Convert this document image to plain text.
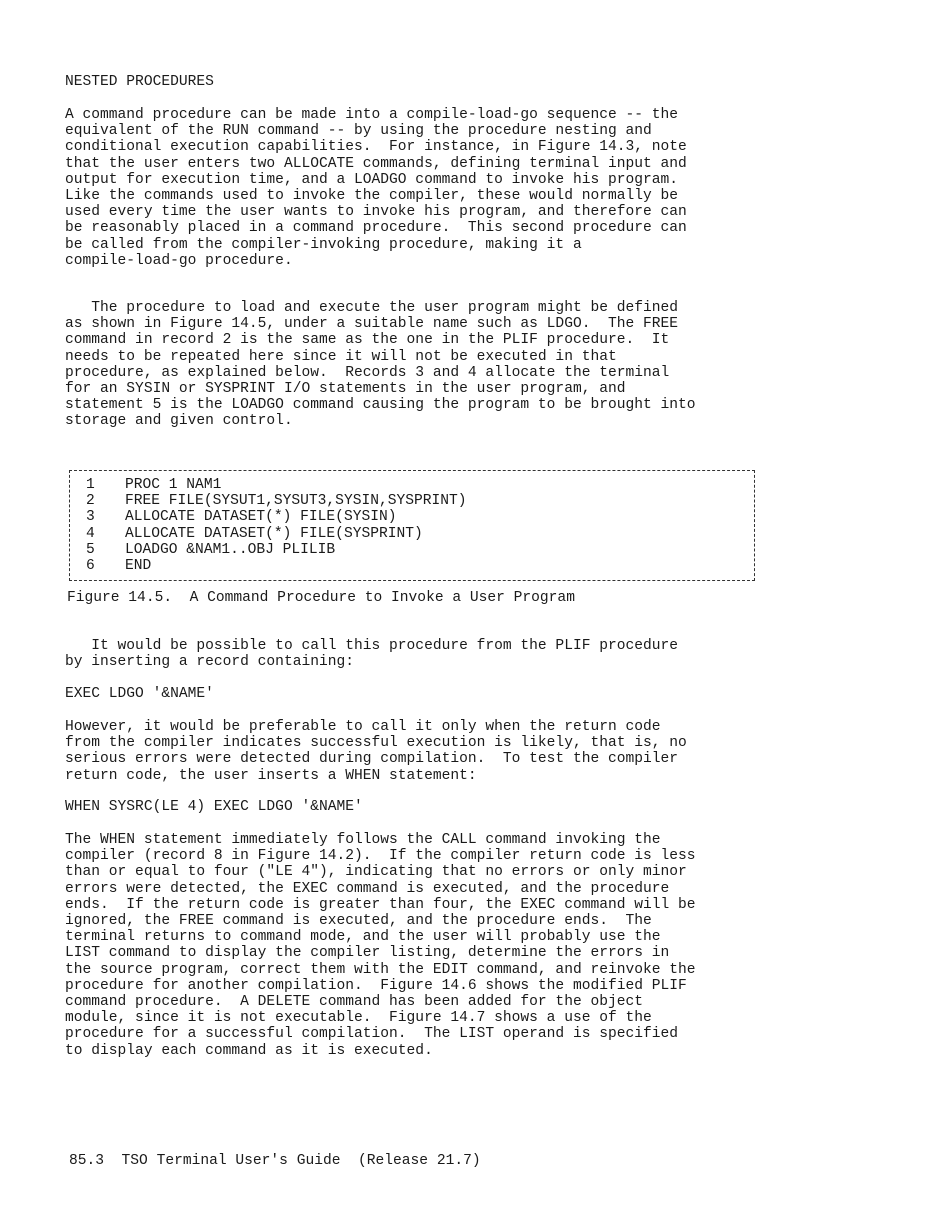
NESTED PROCEDURES
A command procedure can be made into a compile-load-go sequence -- the
equivalent of the RUN command -- by using the procedure nesting and
conditional execution capabilities.  For instance, in Figure 14.3, note
that the user enters two ALLOCATE commands, defining terminal input and
output for execution time, and a LOADGO command to invoke his program.
Like the commands used to invoke the compiler, these would normally be
used every time the user wants to invoke his program, and therefore can
be reasonably placed in a command procedure.  This second procedure can
be called from the compiler-invoking procedure, making it a
compile-load-go procedure.
The procedure to load and execute the user program might be defined
as shown in Figure 14.5, under a suitable name such as LDGO.  The FREE
command in record 2 is the same as the one in the PLIF procedure.  It
needs to be repeated here since it will not be executed in that
procedure, as explained below.  Records 3 and 4 allocate the terminal
for an SYSIN or SYSPRINT I/O statements in the user program, and
statement 5 is the LOADGO command causing the program to be brought into
storage and given control.
1 PROC 1 NAM1
2 FREE FILE(SYSUT1,SYSUT3,SYSIN,SYSPRINT)
3 ALLOCATE DATASET(*) FILE(SYSIN)
4 ALLOCATE DATASET(*) FILE(SYSPRINT)
5 LOADGO &NAM1..OBJ PLILIB
6 END
Figure 14.5.  A Command Procedure to Invoke a User Program
It would be possible to call this procedure from the PLIF procedure
by inserting a record containing:
EXEC LDGO '&NAME'
However, it would be preferable to call it only when the return code
from the compiler indicates successful execution is likely, that is, no
serious errors were detected during compilation.  To test the compiler
return code, the user inserts a WHEN statement:
WHEN SYSRC(LE 4) EXEC LDGO '&NAME'
The WHEN statement immediately follows the CALL command invoking the
compiler (record 8 in Figure 14.2).  If the compiler return code is less
than or equal to four ("LE 4"), indicating that no errors or only minor
errors were detected, the EXEC command is executed, and the procedure
ends.  If the return code is greater than four, the EXEC command will be
ignored, the FREE command is executed, and the procedure ends.  The
terminal returns to command mode, and the user will probably use the
LIST command to display the compiler listing, determine the errors in
the source program, correct them with the EDIT command, and reinvoke the
procedure for another compilation.  Figure 14.6 shows the modified PLIF
command procedure.  A DELETE command has been added for the object
module, since it is not executable.  Figure 14.7 shows a use of the
procedure for a successful compilation.  The LIST operand is specified
to display each command as it is executed.
85.3  TSO Terminal User's Guide  (Release 21.7)
